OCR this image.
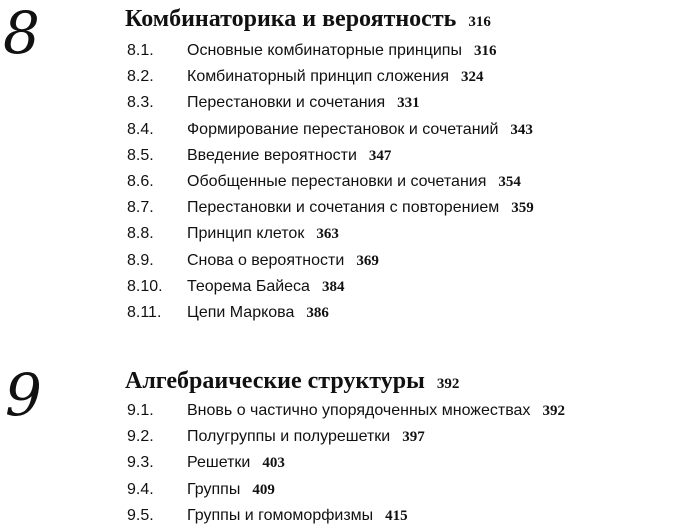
8	Комбинаторика и вероятность 316
8.1.	Основные комбинаторные принципы 316
8.2.	Комбинаторный принцип сложения 324
8.3.	Перестановки и сочетания 331
8.4.	Формирование перестановок и сочетаний 343
8.5.	Введение вероятности 347
8.6.	Обобщенные перестановки и сочетания 354
8.7.	Перестановки и сочетания с повторением 359
8.8.	Принцип клеток 363
8.9.	Снова о вероятности 369
8.10.	Теорема Байеса 384
8.11.	Цепи Маркова 386
9	Алгебраические структуры 392
9.1.	Вновь о частично упорядоченных множествах 392
9.2.	Полугруппы и полурешетки 397
9.3.	Решетки 403
9.4.	Группы 409
9.5.	Группы и гомоморфизмы 415
